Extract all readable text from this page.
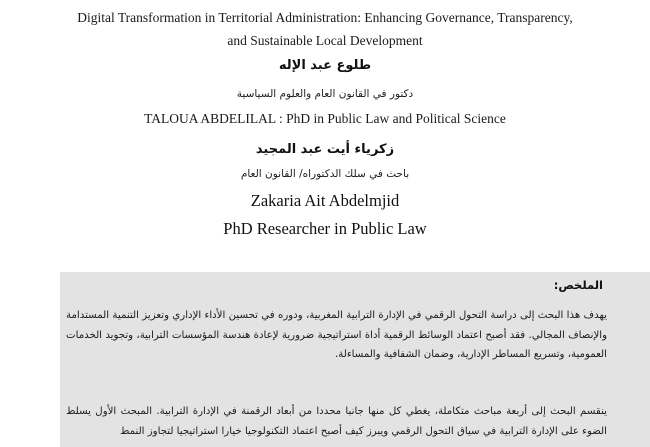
Digital Transformation in Territorial Administration: Enhancing Governance, Transparency,
and Sustainable Local Development
طلوع عبد الإله
دكتور في القانون العام والعلوم السياسية
TALOUA ABDELILAL : PhD in Public Law and Political Science
زكرياء أيت عبد المجيد
باحث في سلك الدكتوراه/ القانون العام
Zakaria Ait Abdelmjid
PhD Researcher in Public Law
الملخص:
يهدف هذا البحث إلى دراسة التحول الرقمي في الإدارة الترابية المغربية، ودوره في تحسين الأداء الإداري وتعزيز التنمية المستدامة والإنصاف المجالي. فقد أصبح اعتماد الوسائط الرقمية أداة استراتيجية ضرورية لإعادة هندسة المؤسسات الترابية، وتجويد الخدمات العمومية، وتسريع المساطر الإدارية، وضمان الشفافية والمساءلة.
ينقسم البحث إلى أربعة مباحث متكاملة، يغطي كل منها جانبا محددا من أبعاد الرقمنة في الإدارة الترابية. المبحث الأول يسلط الضوء على الإدارة الترابية في سياق التحول الرقمي ويبرز كيف أصبح اعتماد التكنولوجيا خيارا استراتيجيا لتجاوز النمط
